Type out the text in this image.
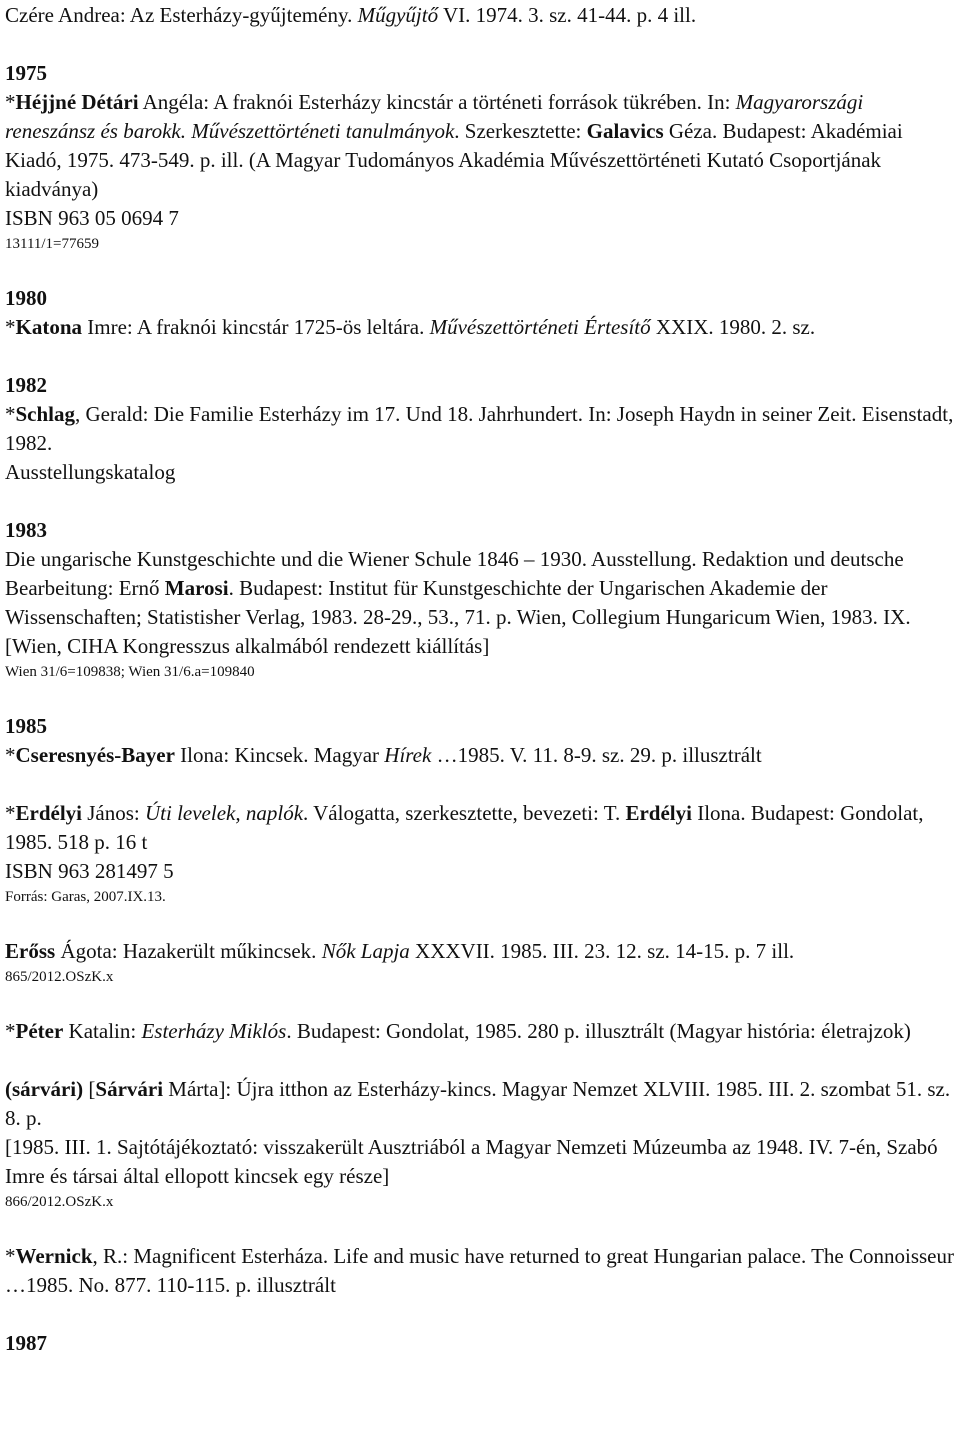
Czére Andrea: Az Esterházy-gyűjtemény. Műgyűjtő VI. 1974. 3. sz. 41-44. p. 4 ill.

1975

*Héjjné Détári Angéla: A fraknói Esterházy kincstár a történeti források tükrében. In: Magyarországi reneszánsz és barokk. Művészettörténeti tanulmányok. Szerkesztette: Galavics Géza. Budapest: Akadémiai Kiadó, 1975. 473-549. p. ill. (A Magyar Tudományos Akadémia Művészettörténeti Kutató Csoportjának kiadványa)

ISBN 963 05 0694 7

13111/1=77659

1980

*Katona Imre: A fraknói kincstár 1725-ös leltára. Művészettörténeti Értesítő XXIX. 1980. 2. sz.

1982

*Schlag, Gerald: Die Familie Esterházy im 17. Und 18. Jahrhundert. In: Joseph Haydn in seiner Zeit. Eisenstadt, 1982.

Ausstellungskatalog

1983

Die ungarische Kunstgeschichte und die Wiener Schule 1846 – 1930. Ausstellung. Redaktion und deutsche Bearbeitung: Ernő Marosi. Budapest: Institut für Kunstgeschichte der Ungarischen Akademie der Wissenschaften; Statistisher Verlag, 1983. 28-29., 53., 71. p. Wien, Collegium Hungaricum Wien, 1983. IX. [Wien, CIHA Kongresszus alkalmából rendezett kiállítás]

Wien 31/6=109838; Wien 31/6.a=109840

1985

*Cseresnyés-Bayer Ilona: Kincsek. Magyar Hírek …1985. V. 11. 8-9. sz. 29. p. illusztrált

*Erdélyi János: Úti levelek, naplók. Válogatta, szerkesztette, bevezeti: T. Erdélyi Ilona. Budapest: Gondolat, 1985. 518 p. 16 t

ISBN 963 281497 5

Forrás: Garas, 2007.IX.13.

Erőss Ágota: Hazakerült műkincsek. Nők Lapja XXXVII. 1985. III. 23. 12. sz. 14-15. p. 7 ill.

865/2012.OSzK.x

*Péter Katalin: Esterházy Miklós. Budapest: Gondolat, 1985. 280 p. illusztrált (Magyar história: életrajzok)

(sárvári) [Sárvári Márta]: Újra itthon az Esterházy-kincs. Magyar Nemzet XLVIII. 1985. III. 2. szombat 51. sz. 8. p.

[1985. III. 1. Sajtótájékoztató: visszakerült Ausztriából a Magyar Nemzeti Múzeumba az 1948. IV. 7-én, Szabó Imre és társai által ellopott kincsek egy része]

866/2012.OSzK.x

*Wernick, R.: Magnificent Esterháza. Life and music have returned to great Hungarian palace. The Connoisseur …1985. No. 877. 110-115. p. illusztrált

1987
